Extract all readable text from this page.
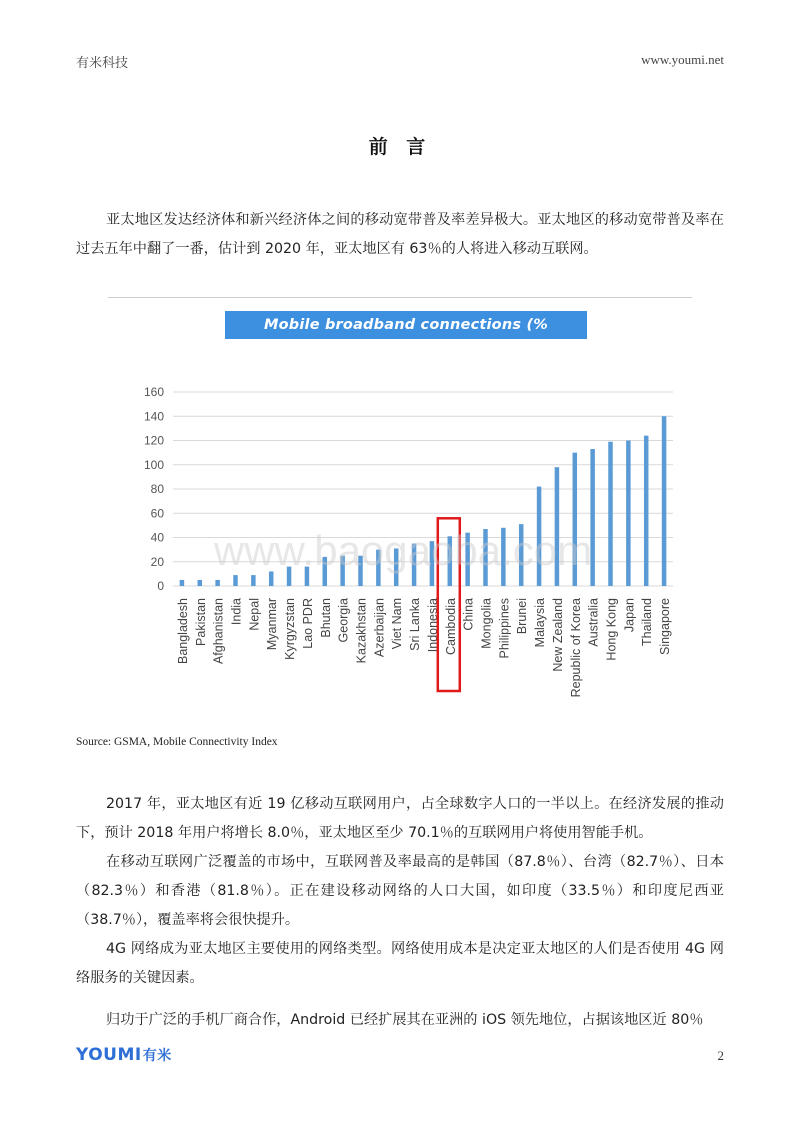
有米科技	www.youmi.net
前 言

亚太地区发达经济体和新兴经济体之间的移动宽带普及率差异极大。亚太地区的移动宽带普及率在过去五年中翻了一番，估计到 2020 年，亚太地区有 63％的人将进入移动互联网。

Mobile broadband connections (% penetration)
0
20
40
60
80
100
120
140
160
Bangladesh Pakistan Afghanistan India Nepal Myanmar Kyrgyzstan Lao PDR Bhutan Georgia Kazakhstan Azerbaijan Viet Nam Sri Lanka Indonesia Cambodia China Mongolia Philippines Brunei Malaysia New Zealand Republic of Korea Australia Hong Kong Japan Thailand Singapore
www.baogaoba.com
Source: GSMA, Mobile Connectivity Index

2017 年，亚太地区有近 19 亿移动互联网用户，占全球数字人口的一半以上。在经济发展的推动下，预计 2018 年用户将增长 8.0％，亚太地区至少 70.1％的互联网用户将使用智能手机。

在移动互联网广泛覆盖的市场中，互联网普及率最高的是韩国（87.8％）、台湾（82.7％）、日本（82.3％）和香港（81.8％）。正在建设移动网络的人口大国，如印度（33.5％）和印度尼西亚（38.7％），覆盖率将会很快提升。

4G 网络成为亚太地区主要使用的网络类型。网络使用成本是决定亚太地区的人们是否使用 4G 网络服务的关键因素。

归功于广泛的手机厂商合作，Android 已经扩展其在亚洲的 iOS 领先地位，占据该地区近 80％

YOUMI有米	2
